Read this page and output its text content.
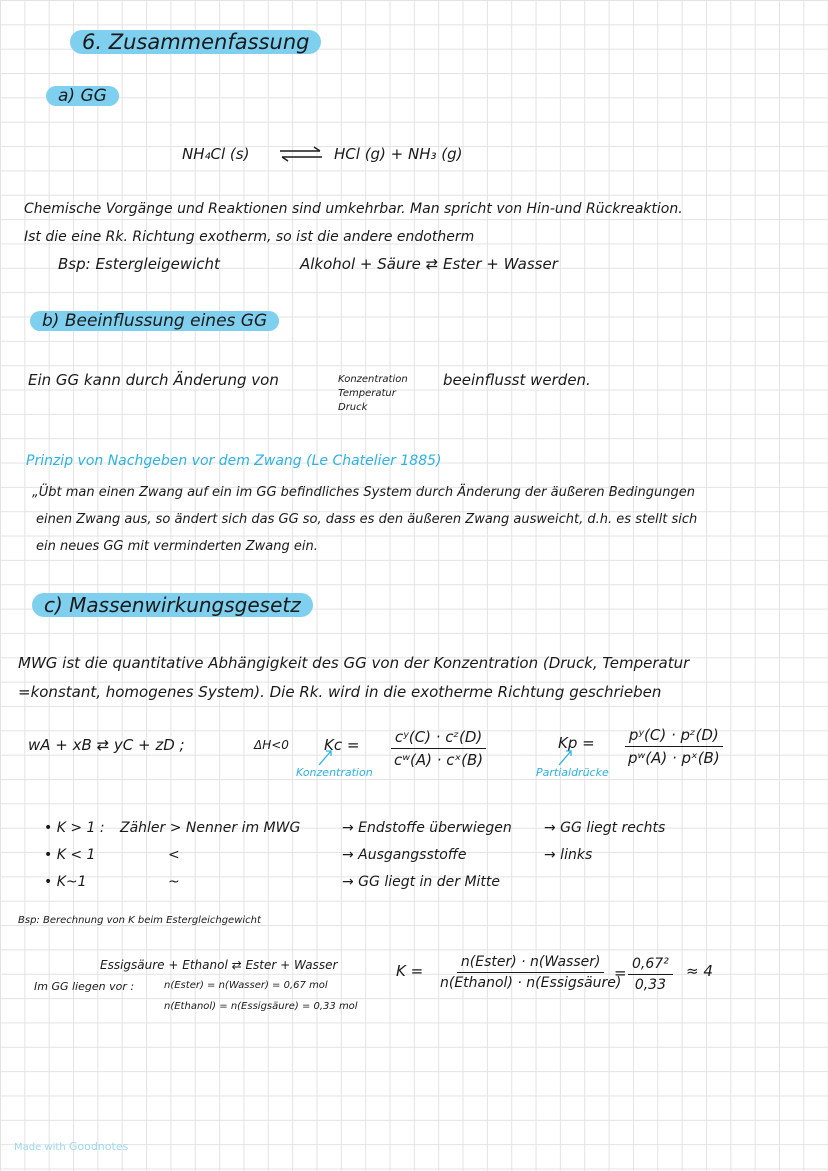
6. Zusammenfassung
a) GG
NH₄Cl (s) ⇌ HCl (g) + NH₃ (g)
Chemische Vorgänge und Reaktionen sind umkehrbar. Man spricht von Hin-und Rückreaktion.
Ist die eine Rk. Richtung exotherm, so ist die andere endotherm
Bsp: Estergleigewicht	Alkohol + Säure ⇄ Ester + Wasser
b) Beeinflussung eines GG
Ein GG kann durch Änderung von	Konzentration
Temperatur
Druck
beeinflusst werden.
Prinzip von Nachgeben vor dem Zwang (Le Chatelier 1885)
„Übt man einen Zwang auf ein im GG befindliches System durch Änderung der äußeren Bedingungen
einen Zwang aus, so ändert sich das GG so, dass es den äußeren Zwang ausweicht, d.h. es stellt sich
ein neues GG mit verminderten Zwang ein.
c) Massenwirkungsgesetz
MWG ist die quantitative Abhängigkeit des GG von der Konzentration (Druck, Temperatur
=konstant, homogenes System). Die Rk. wird in die exotherme Richtung geschrieben
wA + xB ⇄ yC + zD ;	ΔH<0 $Kc = \frac{\text{cʸ(C) · cᶻ(D)}}{\text{cʷ(A) · cˣ(B)}}$
Konzentration
$Kp = \frac{\text{pʸ(C) · pᶻ(D)}}{\text{pʷ(A) · pˣ(B)}}$
Partialdrücke
• K > 1 : Zähler > Nenner im MWG	→ Endstoffe überwiegen → GG liegt rechts
• K < 1	<	→ Ausgangsstoffe	→ links
• K~1	~	→ GG liegt in der Mitte
Bsp: Berechnung von K beim Estergleichgewicht
Essigsäure + Ethanol ⇄ Ester + Wasser
Im GG liegen vor :	n(Ester) = n(Wasser) = 0,67 mol
n(Ethanol) = n(Essigsäure) = 0,33 mol
K =	n(Ester) · n(Wasser)
n(Ethanol) · n(Essigsäure)
= $\frac{\text{0,67²}}{0,33} \approx 4$
Made with Goodnotes
